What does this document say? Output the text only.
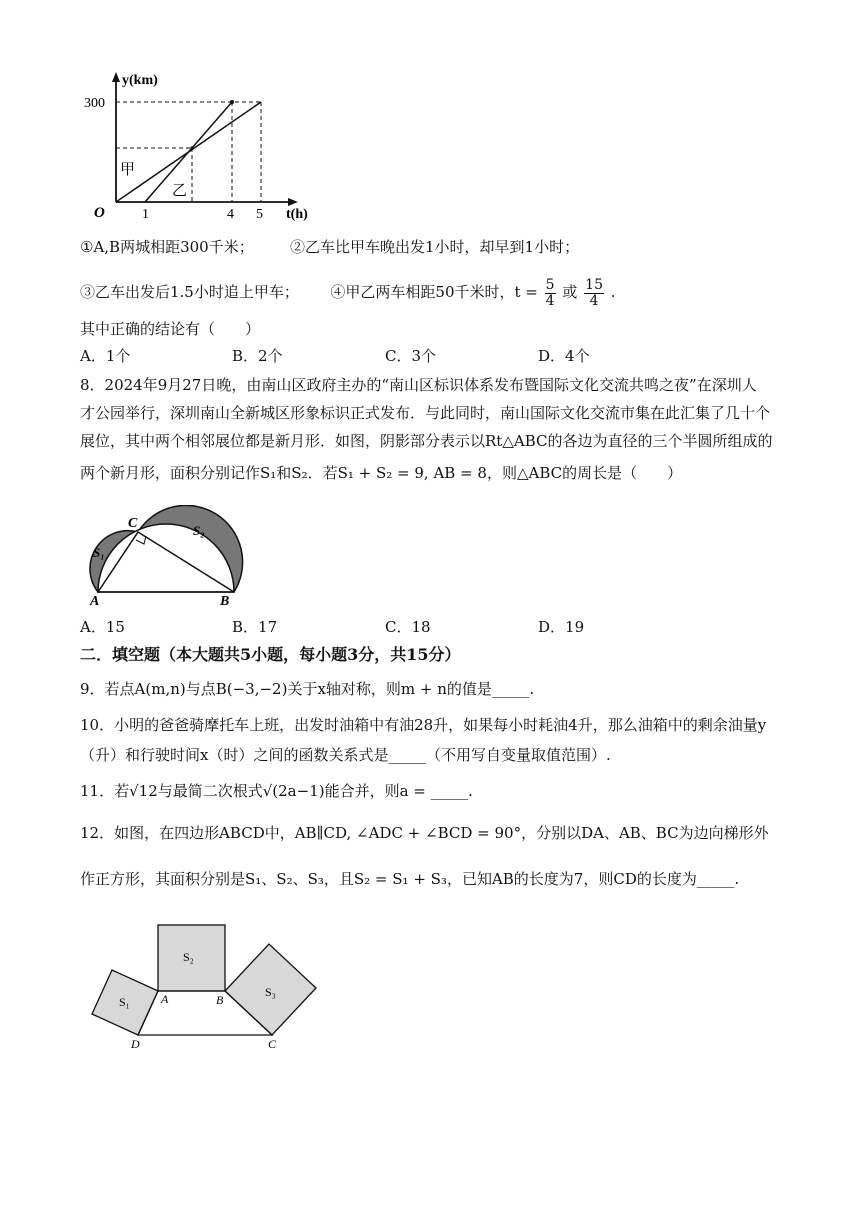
y(km)
t(h)
O
300
1	4 5
甲
乙
①A,B两城相距300千米； ②乙车比甲车晚出发1小时，却早到1小时；
③乙车出发后1.5小时追上甲车； ④甲乙两车相距50千米时，$t = \frac{5}{4}$ 或 $\frac{15}{4}$ .
其中正确的结论有（　　）
A．1个	B．2个	C．3个	D．4个
8．2024年9月27日晚，由南山区政府主办的“南山区标识体系发布暨国际文化交流共鸣之夜”在深圳人
才公园举行，深圳南山全新城区形象标识正式发布．与此同时，南山国际文化交流市集在此汇集了几十个
展位，其中两个相邻展位都是新月形．如图，阴影部分表示以Rt△ABC的各边为直径的三个半圆所组成的
两个新月形，面积分别记作S₁和S₂．若S₁ + S₂ = 9, AB = 8，则△ABC的周长是（　　）
A	B
C
S₁
S₂
A．15	B．17	C．18	D．19
二．填空题（本大题共5小题，每小题3分，共15分）
9．若点A(m,n)与点B(−3,−2)关于x轴对称，则m + n的值是_____.
10．小明的爸爸骑摩托车上班，出发时油箱中有油28升，如果每小时耗油4升，那么油箱中的剩余油量y
（升）和行驶时间x（时）之间的函数关系式是_____（不用写自变量取值范围）.
11．若√12与最简二次根式√(2a−1)能合并，则a = _____.
12．如图，在四边形ABCD中，AB∥CD, ∠ADC + ∠BCD = 90°，分别以DA、AB、BC为边向梯形外
作正方形，其面积分别是S₁、S₂、S₃，且S₂ = S₁ + S₃，已知AB的长度为7，则CD的长度为_____.
S₂
S₁
S₃
A	B
D	C
